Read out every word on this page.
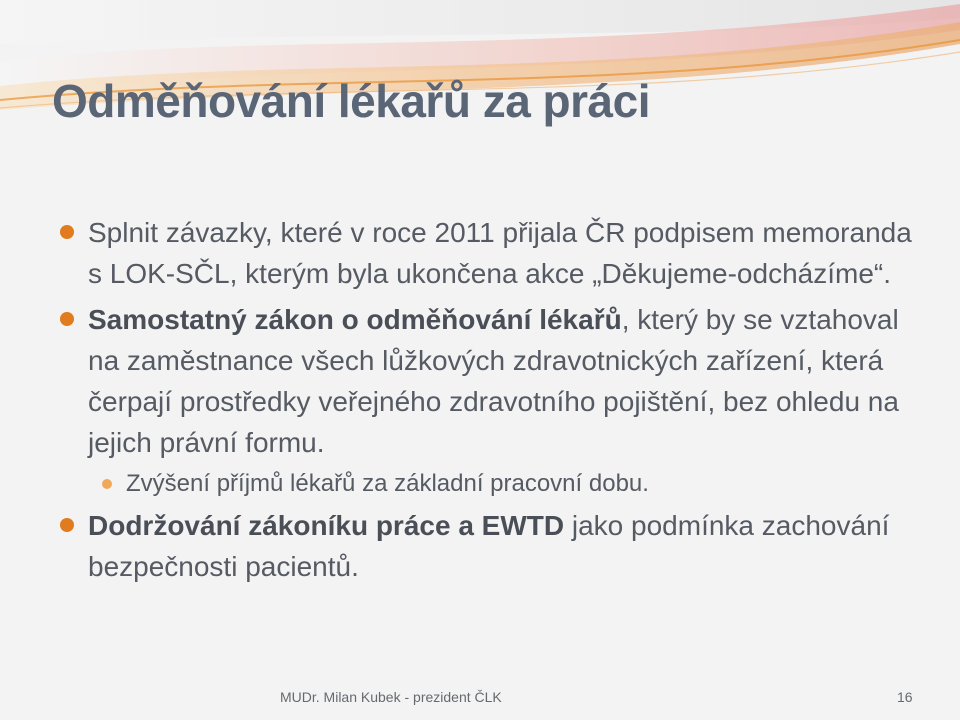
Odměňování lékařů za práci

Splnit závazky, které v roce 2011 přijala ČR podpisem memoranda s LOK-SČL, kterým byla ukončena akce „Děkujeme-odcházíme“.

Samostatný zákon o odměňování lékařů, který by se vztahoval na zaměstnance všech lůžkových zdravotnických zařízení, která čerpají prostředky veřejného zdravotního pojištění, bez ohledu na jejich právní formu.

Zvýšení příjmů lékařů za základní pracovní dobu.

Dodržování zákoníku práce a EWTD jako podmínka zachování bezpečnosti pacientů.

MUDr. Milan Kubek - prezident ČLK	16
